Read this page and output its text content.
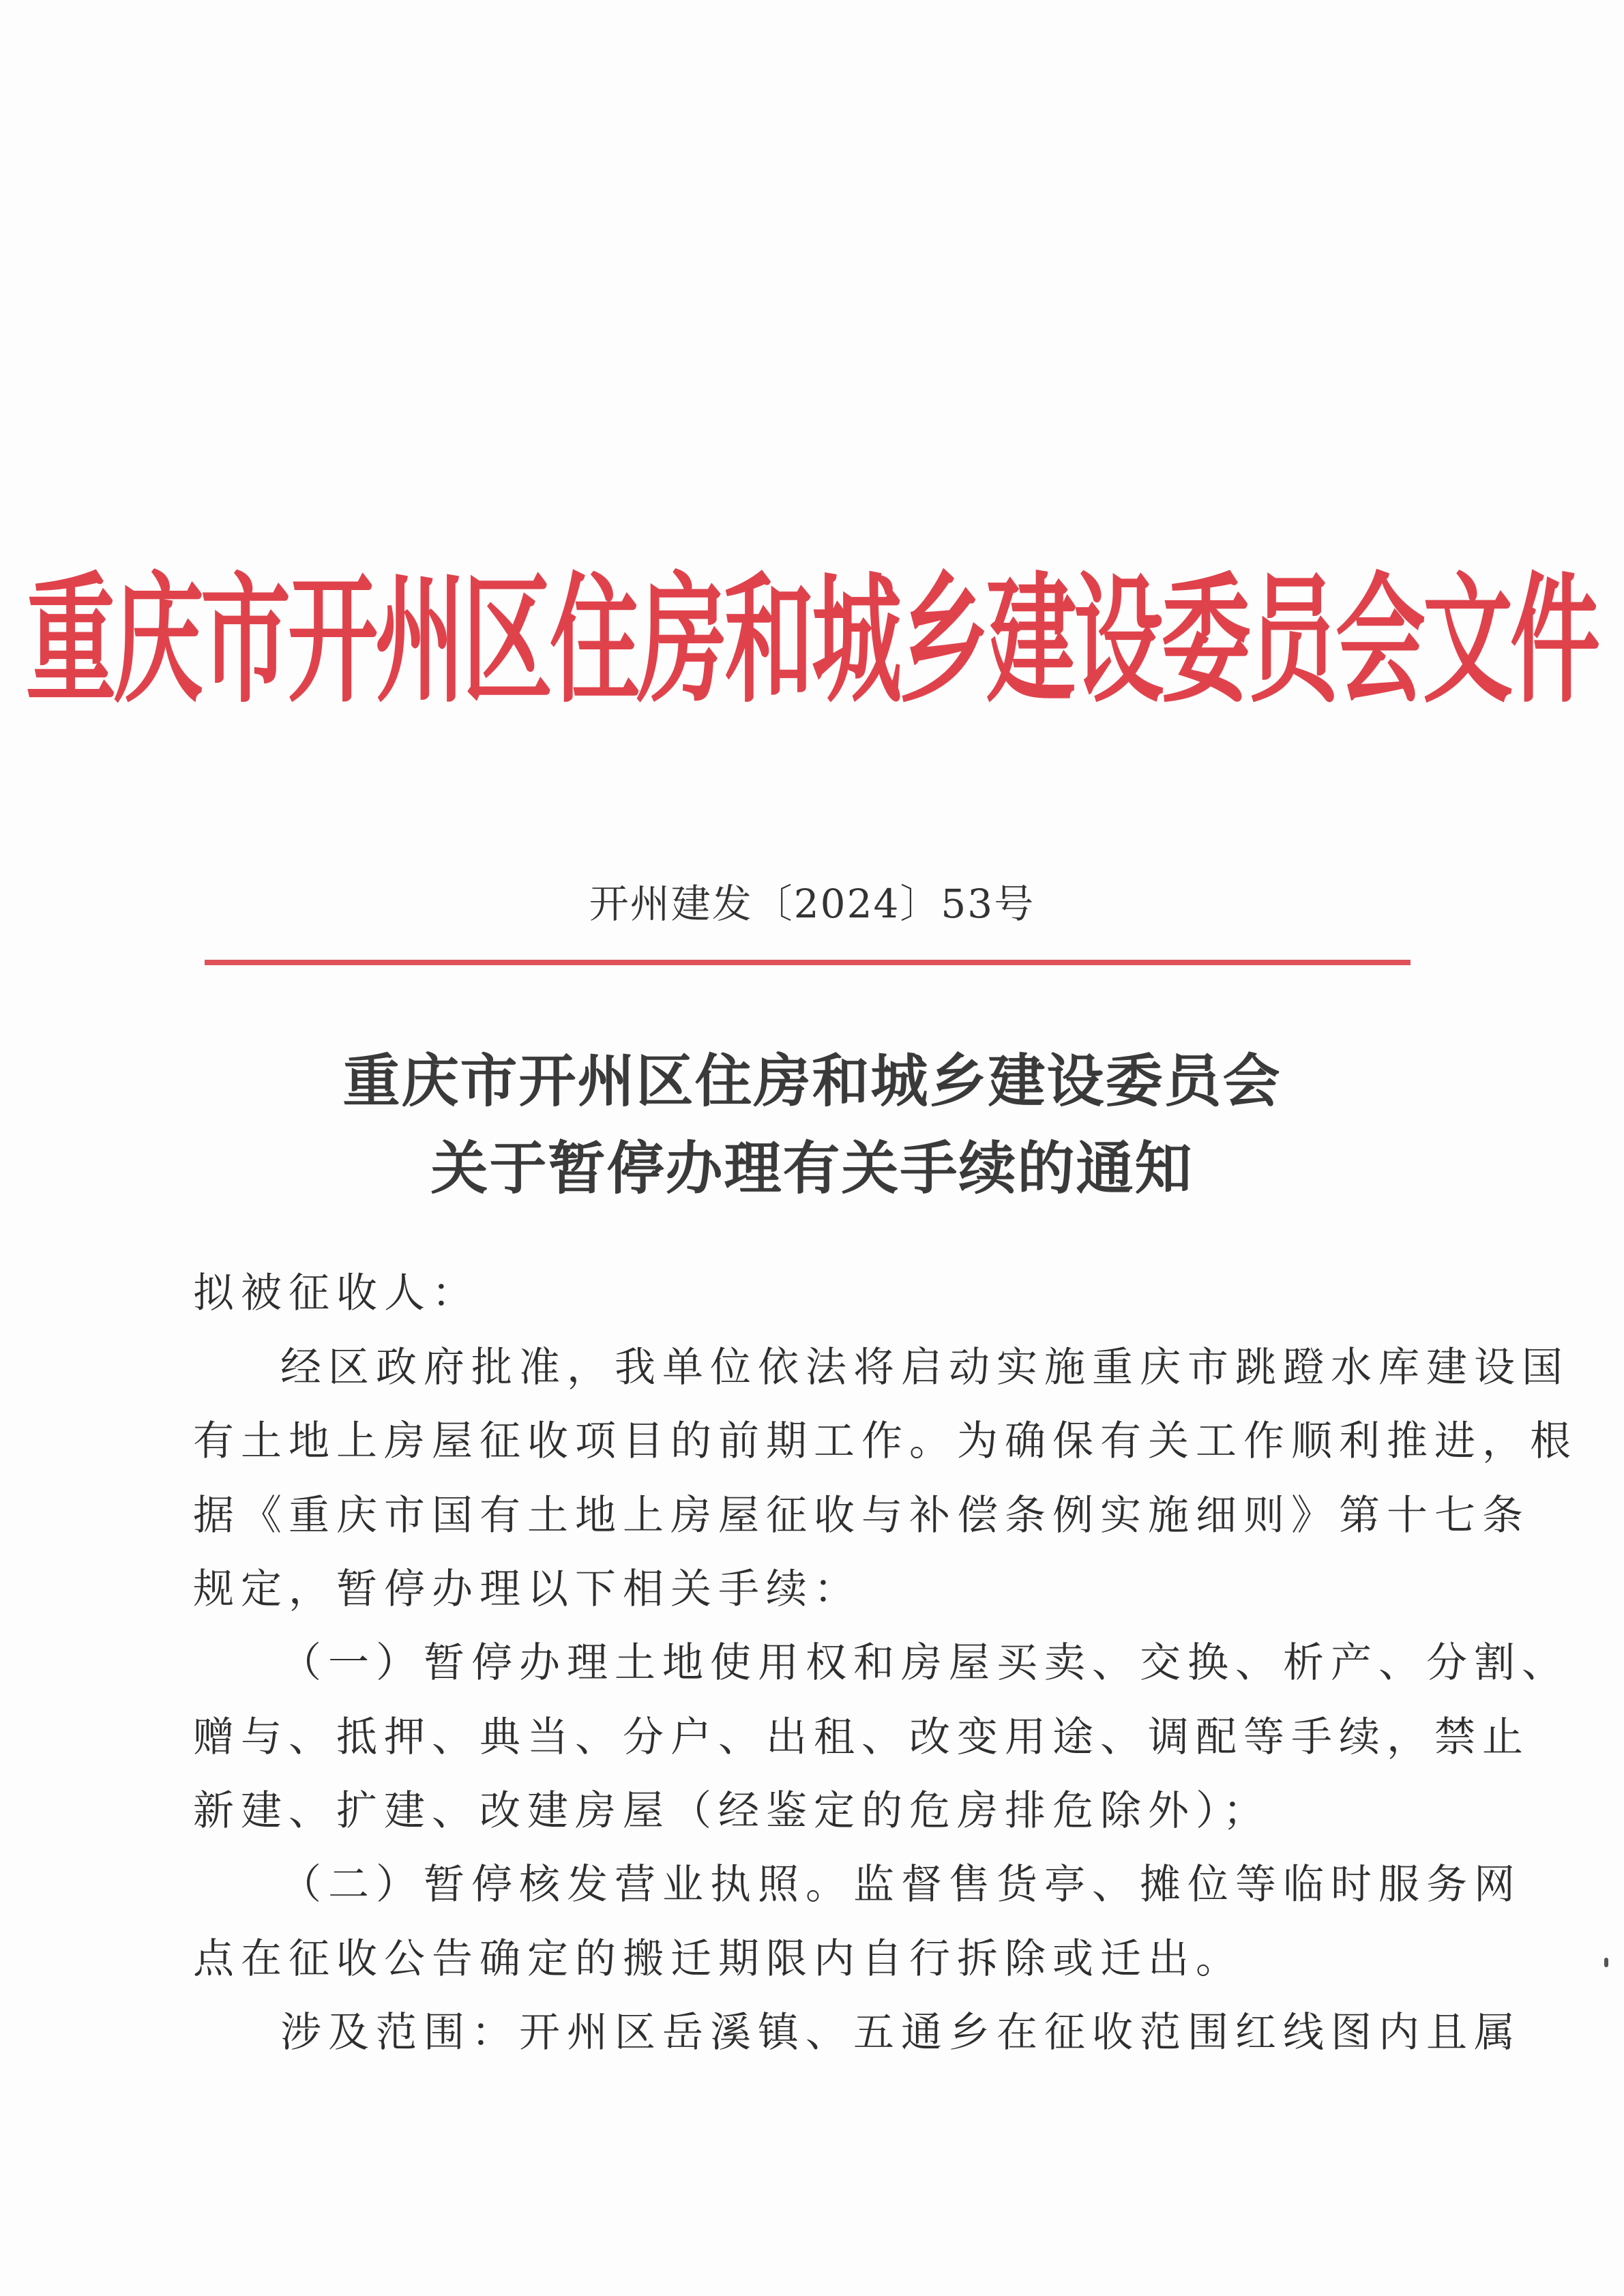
重庆市开州区住房和城乡建设委员会文件
开州建发〔2024〕53号
重庆市开州区住房和城乡建设委员会
关于暂停办理有关手续的通知
拟被征收人：
经区政府批准，我单位依法将启动实施重庆市跳蹬水库建设国
有土地上房屋征收项目的前期工作。为确保有关工作顺利推进，根
据《重庆市国有土地上房屋征收与补偿条例实施细则》第十七条
规定，暂停办理以下相关手续：
（一）暂停办理土地使用权和房屋买卖、交换、析产、分割、
赠与、抵押、典当、分户、出租、改变用途、调配等手续，禁止
新建、扩建、改建房屋（经鉴定的危房排危除外）；
（二）暂停核发营业执照。监督售货亭、摊位等临时服务网
点在征收公告确定的搬迁期限内自行拆除或迁出。
涉及范围：开州区岳溪镇、五通乡在征收范围红线图内且属
